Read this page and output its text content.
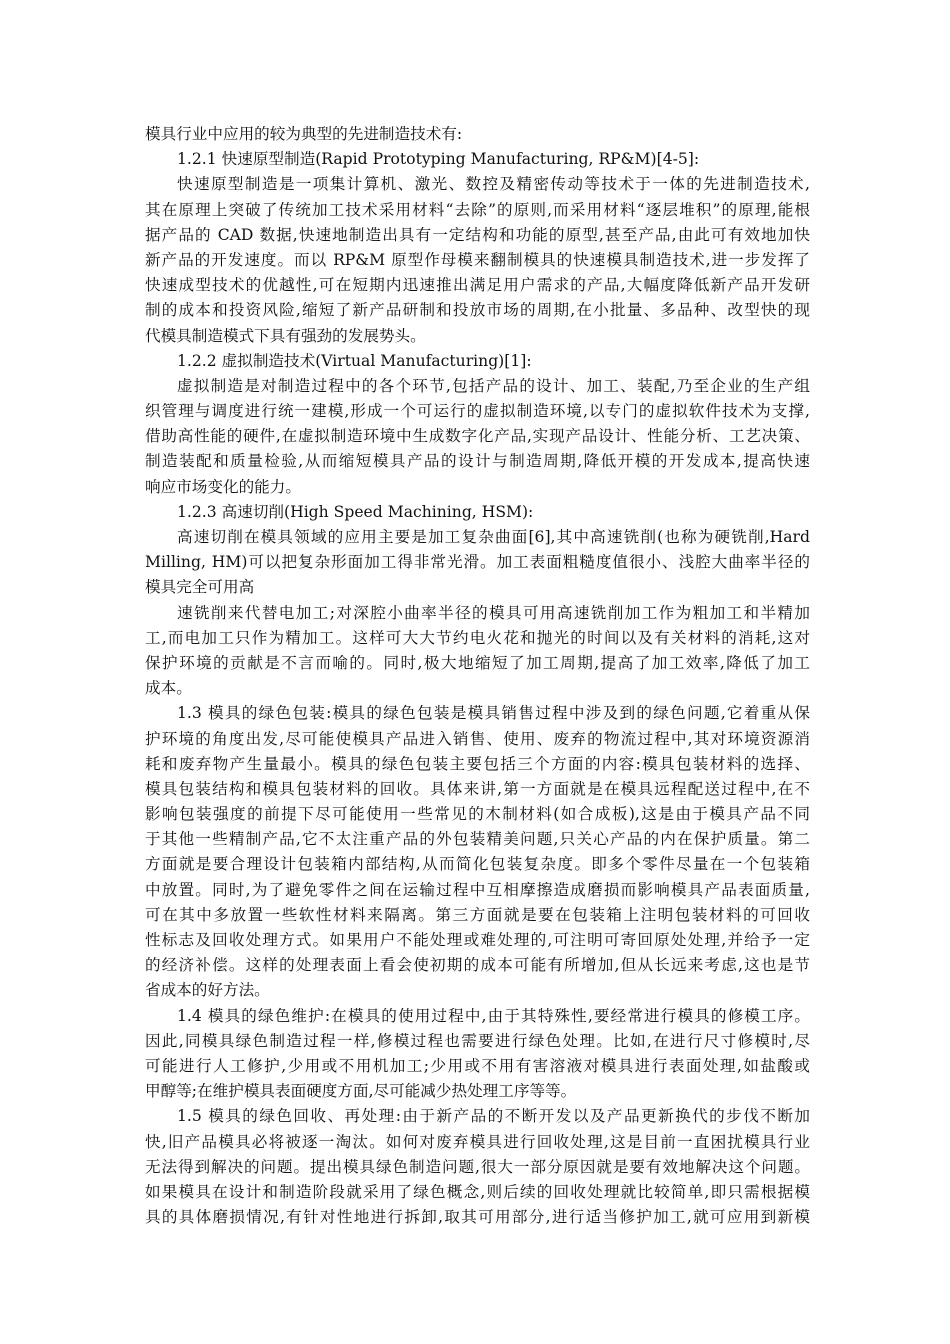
模具行业中应用的较为典型的先进制造技术有:
1.2.1 快速原型制造(Rapid Prototyping Manufacturing, RP&M)[4-5]:
快速原型制造是一项集计算机、激光、数控及精密传动等技术于一体的先进制造技术,
其在原理上突破了传统加工技术采用材料“去除”的原则,而采用材料“逐层堆积”的原理,能根
据产品的 CAD 数据,快速地制造出具有一定结构和功能的原型,甚至产品,由此可有效地加快
新产品的开发速度。而以 RP&M 原型作母模来翻制模具的快速模具制造技术,进一步发挥了
快速成型技术的优越性,可在短期内迅速推出满足用户需求的产品,大幅度降低新产品开发研
制的成本和投资风险,缩短了新产品研制和投放市场的周期,在小批量、多品种、改型快的现
代模具制造模式下具有强劲的发展势头。
1.2.2 虚拟制造技术(Virtual Manufacturing)[1]:
虚拟制造是对制造过程中的各个环节,包括产品的设计、加工、装配,乃至企业的生产组
织管理与调度进行统一建模,形成一个可运行的虚拟制造环境,以专门的虚拟软件技术为支撑,
借助高性能的硬件,在虚拟制造环境中生成数字化产品,实现产品设计、性能分析、工艺决策、
制造装配和质量检验,从而缩短模具产品的设计与制造周期,降低开模的开发成本,提高快速
响应市场变化的能力。
1.2.3 高速切削(High Speed Machining, HSM):
高速切削在模具领域的应用主要是加工复杂曲面[6],其中高速铣削(也称为硬铣削,Hard
Milling, HM)可以把复杂形面加工得非常光滑。加工表面粗糙度值很小、浅腔大曲率半径的
模具完全可用高
速铣削来代替电加工;对深腔小曲率半径的模具可用高速铣削加工作为粗加工和半精加
工,而电加工只作为精加工。这样可大大节约电火花和抛光的时间以及有关材料的消耗,这对
保护环境的贡献是不言而喻的。同时,极大地缩短了加工周期,提高了加工效率,降低了加工
成本。
1.3 模具的绿色包装:模具的绿色包装是模具销售过程中涉及到的绿色问题,它着重从保
护环境的角度出发,尽可能使模具产品进入销售、使用、废弃的物流过程中,其对环境资源消
耗和废弃物产生量最小。模具的绿色包装主要包括三个方面的内容:模具包装材料的选择、
模具包装结构和模具包装材料的回收。具体来讲,第一方面就是在模具远程配送过程中,在不
影响包装强度的前提下尽可能使用一些常见的木制材料(如合成板),这是由于模具产品不同
于其他一些精制产品,它不太注重产品的外包装精美问题,只关心产品的内在保护质量。第二
方面就是要合理设计包装箱内部结构,从而简化包装复杂度。即多个零件尽量在一个包装箱
中放置。同时,为了避免零件之间在运输过程中互相摩擦造成磨损而影响模具产品表面质量,
可在其中多放置一些软性材料来隔离。第三方面就是要在包装箱上注明包装材料的可回收
性标志及回收处理方式。如果用户不能处理或难处理的,可注明可寄回原处处理,并给予一定
的经济补偿。这样的处理表面上看会使初期的成本可能有所增加,但从长远来考虑,这也是节
省成本的好方法。
1.4 模具的绿色维护:在模具的使用过程中,由于其特殊性,要经常进行模具的修模工序。
因此,同模具绿色制造过程一样,修模过程也需要进行绿色处理。比如,在进行尺寸修模时,尽
可能进行人工修护,少用或不用机加工;少用或不用有害溶液对模具进行表面处理,如盐酸或
甲醇等;在维护模具表面硬度方面,尽可能减少热处理工序等等。
1.5 模具的绿色回收、再处理:由于新产品的不断开发以及产品更新换代的步伐不断加
快,旧产品模具必将被逐一淘汰。如何对废弃模具进行回收处理,这是目前一直困扰模具行业
无法得到解决的问题。提出模具绿色制造问题,很大一部分原因就是要有效地解决这个问题。
如果模具在设计和制造阶段就采用了绿色概念,则后续的回收处理就比较简单,即只需根据模
具的具体磨损情况,有针对性地进行拆卸,取其可用部分,进行适当修护加工,就可应用到新模
